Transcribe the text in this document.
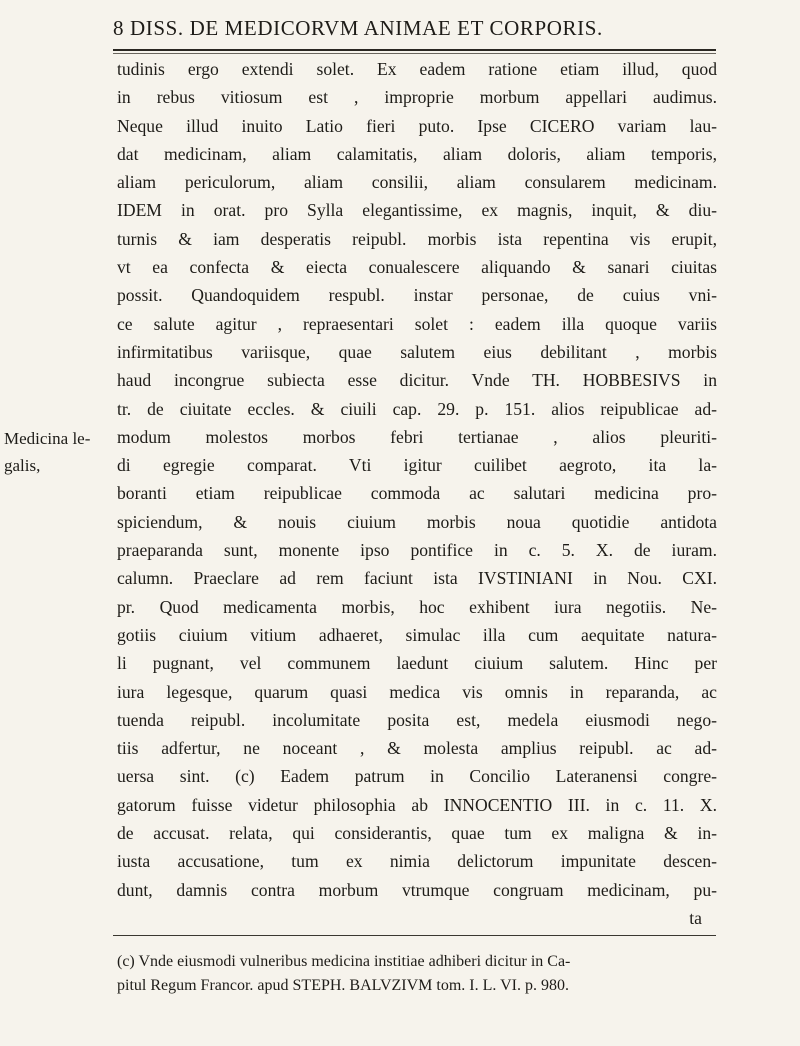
8 DISS. DE MEDICORVM ANIMAE ET CORPORIS.
Medicina le-
galis,
tudinis ergo extendi solet. Ex eadem ratione etiam illud, quod
in rebus vitiosum est , improprie morbum appellari audimus.
Neque illud inuito Latio fieri puto. Ipse CICERO variam lau-
dat medicinam, aliam calamitatis, aliam doloris, aliam temporis,
aliam periculorum, aliam consilii, aliam consularem medicinam.
IDEM in orat. pro Sylla elegantissime, ex magnis, inquit, & diu-
turnis & iam desperatis reipubl. morbis ista repentina vis erupit,
vt ea confecta & eiecta conualescere aliquando & sanari ciuitas
possit. Quandoquidem respubl. instar personae, de cuius vni-
ce salute agitur , repraesentari solet : eadem illa quoque variis
infirmitatibus variisque, quae salutem eius debilitant , morbis
haud incongrue subiecta esse dicitur. Vnde TH. HOBBESIVS in
tr. de ciuitate eccles. & ciuili cap. 29. p. 151. alios reipublicae ad-
modum molestos morbos febri tertianae , alios pleuriti-
di egregie comparat. Vti igitur cuilibet aegroto, ita la-
boranti etiam reipublicae commoda ac salutari medicina pro-
spiciendum, & nouis ciuium morbis noua quotidie antidota
praeparanda sunt, monente ipso pontifice in c. 5. X. de iuram.
calumn. Praeclare ad rem faciunt ista IVSTINIANI in Nou. CXI.
pr. Quod medicamenta morbis, hoc exhibent iura negotiis. Ne-
gotiis ciuium vitium adhaeret, simulac illa cum aequitate natura-
li pugnant, vel communem laedunt ciuium salutem. Hinc per
iura legesque, quarum quasi medica vis omnis in reparanda, ac
tuenda reipubl. incolumitate posita est, medela eiusmodi nego-
tiis adfertur, ne noceant , & molesta amplius reipubl. ac ad-
uersa sint. (c) Eadem patrum in Concilio Lateranensi congre-
gatorum fuisse videtur philosophia ab INNOCENTIO III. in c. 11. X.
de accusat. relata, qui considerantis, quae tum ex maligna & in-
iusta accusatione, tum ex nimia delictorum impunitate descen-
dunt, damnis contra morbum vtrumque congruam medicinam, pu-
ta
(c) Vnde eiusmodi vulneribus medicina institiae adhiberi dicitur in Ca-
pitul Regum Francor. apud STEPH. BALVZIVM tom. I. L. VI. p. 980.
